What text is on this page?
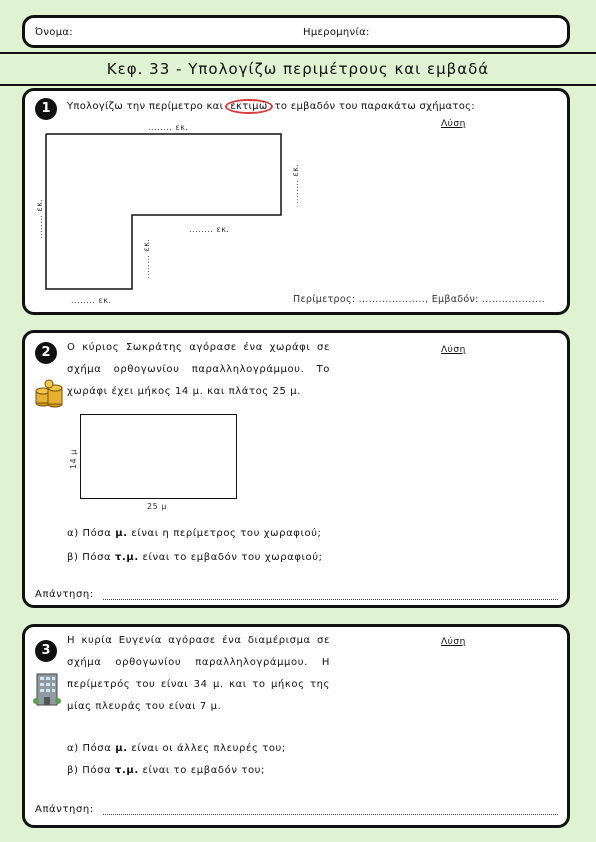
Όνομα:	Ημερομηνία:
Κεφ. 33 - Υπολογίζω περιμέτρους και εμβαδά
1	Υπολογίζω την περίμετρο και εκτιμώ το εμβαδόν του παρακάτω σχήματος:
Λύση
........ εκ.
........ εκ.
........ εκ.	........ εκ.
........ εκ.
........ εκ.	Περίμετρος: ...................., Εμβαδόν: ...................
2	Ο κύριος Σωκράτης αγόρασε ένα χωράφι σε
σχήμα ορθογωνίου παραλληλογράμμου. Το
χωράφι έχει μήκος 14 μ. και πλάτος 25 μ.
Λύση
14 μ
25 μ
α) Πόσα μ. είναι η περίμετρος του χωραφιού;
β) Πόσα τ.μ. είναι το εμβαδόν του χωραφιού;
Απάντηση:
3
Η κυρία Ευγενία αγόρασε ένα διαμέρισμα σε
σχήμα ορθογωνίου παραλληλογράμμου. Η
περίμετρός του είναι 34 μ. και το μήκος της
μίας πλευράς του είναι 7 μ.
Λύση
α) Πόσα μ. είναι οι άλλες πλευρές του;
β) Πόσα τ.μ. είναι το εμβαδόν του;
Απάντηση:
